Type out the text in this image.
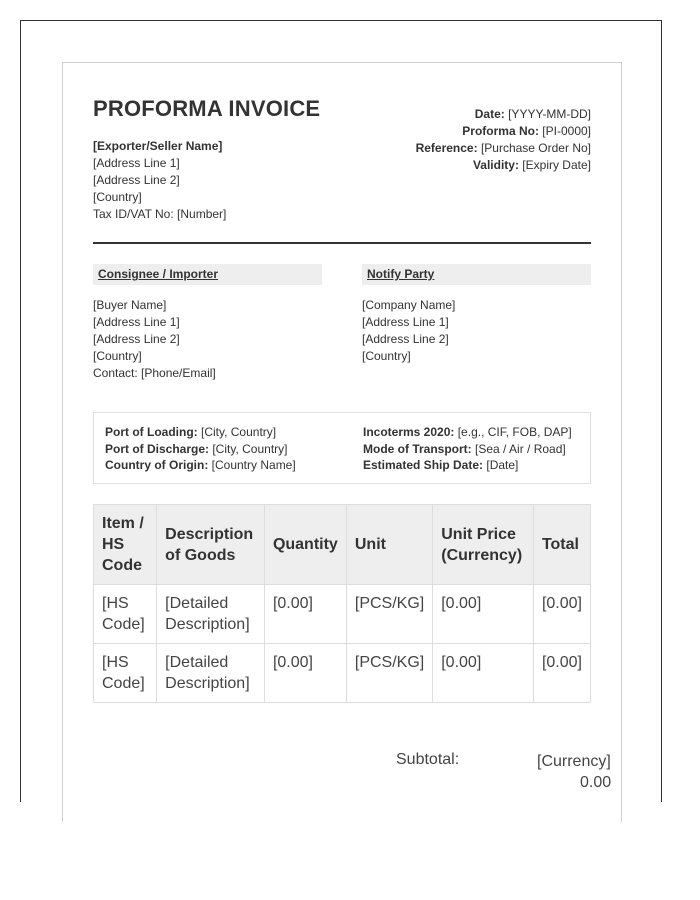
PROFORMA INVOICE
[Exporter/Seller Name]
[Address Line 1]
[Address Line 2]
[Country]
Tax ID/VAT No: [Number]
Date: [YYYY-MM-DD]
Proforma No: [PI-0000]
Reference: [Purchase Order No]
Validity: [Expiry Date]
Consignee / Importer
[Buyer Name]
[Address Line 1]
[Address Line 2]
[Country]
Contact: [Phone/Email]
Notify Party
[Company Name]
[Address Line 1]
[Address Line 2]
[Country]
Port of Loading: [City, Country]
Port of Discharge: [City, Country]
Country of Origin: [Country Name]
Incoterms 2020: [e.g., CIF, FOB, DAP]
Mode of Transport: [Sea / Air / Road]
Estimated Ship Date: [Date]
Item / HS Code	Description of Goods	Quantity	Unit	Unit Price (Currency)	Total
[HS Code]	[Detailed Description]	[0.00]	[PCS/KG]	[0.00]	[0.00]
[HS Code]	[Detailed Description]	[0.00]	[PCS/KG]	[0.00]	[0.00]
Subtotal:	[Currency]
0.00
